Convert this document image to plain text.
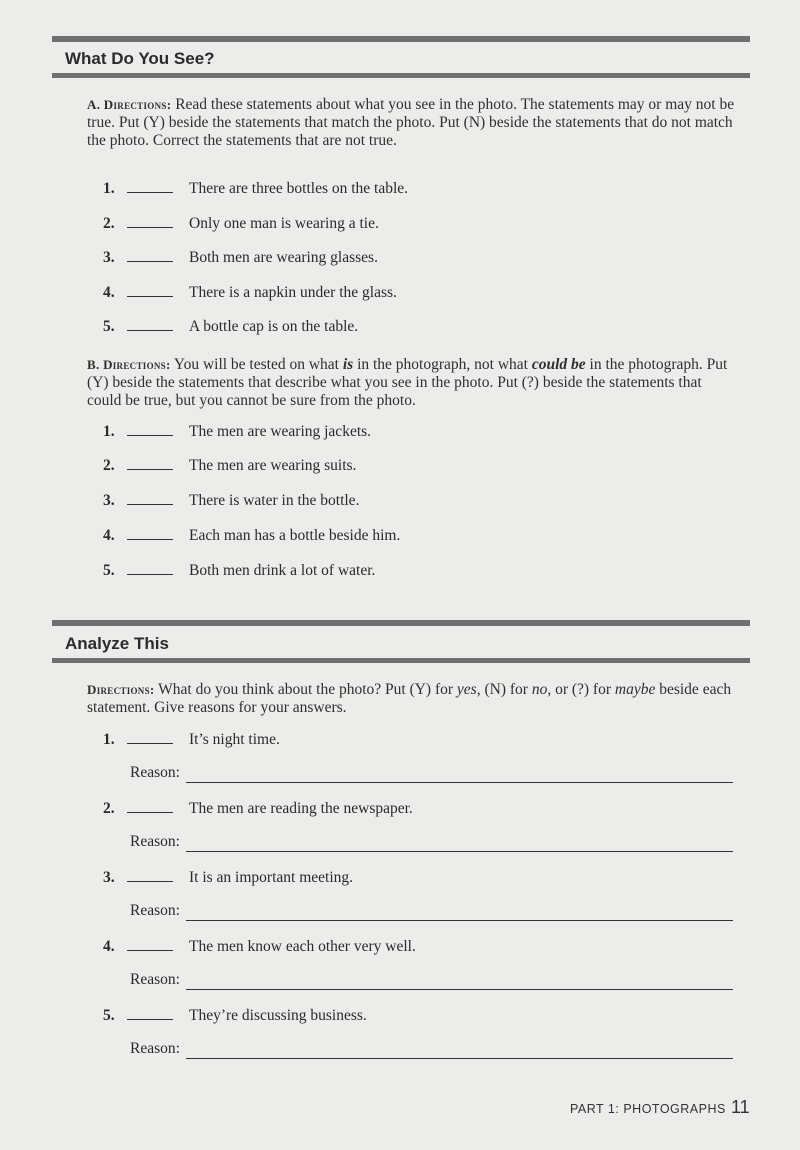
What Do You See?
A. Directions: Read these statements about what you see in the photo. The statements may or may not be true. Put (Y) beside the statements that match the photo. Put (N) beside the statements that do not match the photo. Correct the statements that are not true.
1.	There are three bottles on the table.
2.	Only one man is wearing a tie.
3.	Both men are wearing glasses.
4.	There is a napkin under the glass.
5.	A bottle cap is on the table.
B. Directions: You will be tested on what is in the photograph, not what could be in the photograph. Put (Y) beside the statements that describe what you see in the photo. Put (?) beside the statements that could be true, but you cannot be sure from the photo.
1.	The men are wearing jackets.
2.	The men are wearing suits.
3.	There is water in the bottle.
4.	Each man has a bottle beside him.
5.	Both men drink a lot of water.
Analyze This
Directions: What do you think about the photo? Put (Y) for yes, (N) for no, or (?) for maybe beside each statement. Give reasons for your answers.
1.	It’s night time.
Reason:
2.	The men are reading the newspaper.
Reason:
3.	It is an important meeting.
Reason:
4.	The men know each other very well.
Reason:
5.	They’re discussing business.
Reason:
PART 1: PHOTOGRAPHS 11
